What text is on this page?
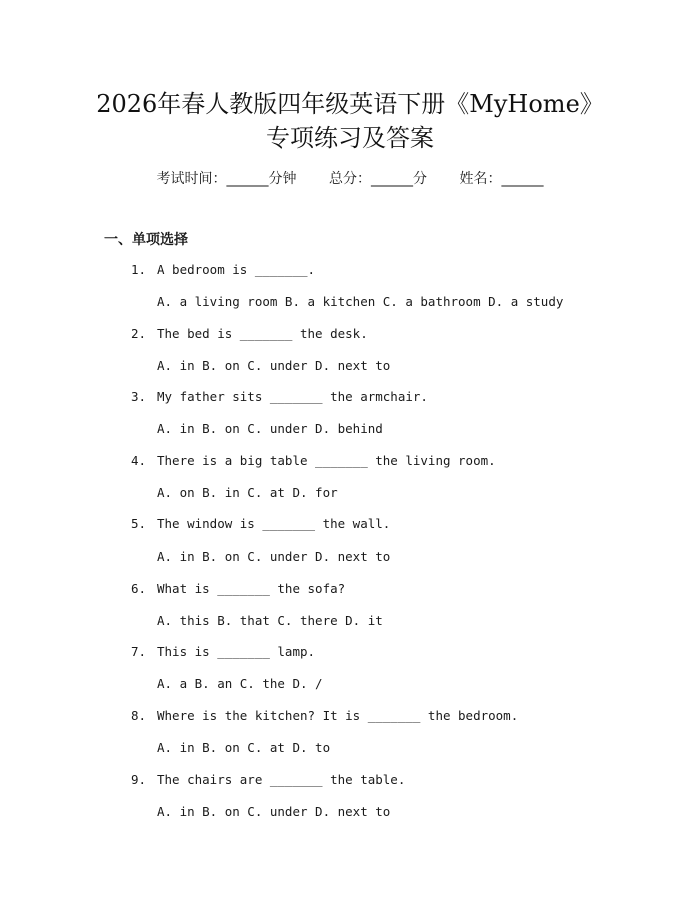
2026年春人教版四年级英语下册《MyHome》
专项练习及答案
考试时间：______分钟 总分：______分 姓名：______
一、单项选择
1. A bedroom is _______.
A. a living room B. a kitchen C. a bathroom D. a study
2. The bed is _______ the desk.
A. in B. on C. under D. next to
3. My father sits _______ the armchair.
A. in B. on C. under D. behind
4. There is a big table _______ the living room.
A. on B. in C. at D. for
5. The window is _______ the wall.
A. in B. on C. under D. next to
6. What is _______ the sofa?
A. this B. that C. there D. it
7. This is _______ lamp.
A. a B. an C. the D. /
8. Where is the kitchen? It is _______ the bedroom.
A. in B. on C. at D. to
9. The chairs are _______ the table.
A. in B. on C. under D. next to
